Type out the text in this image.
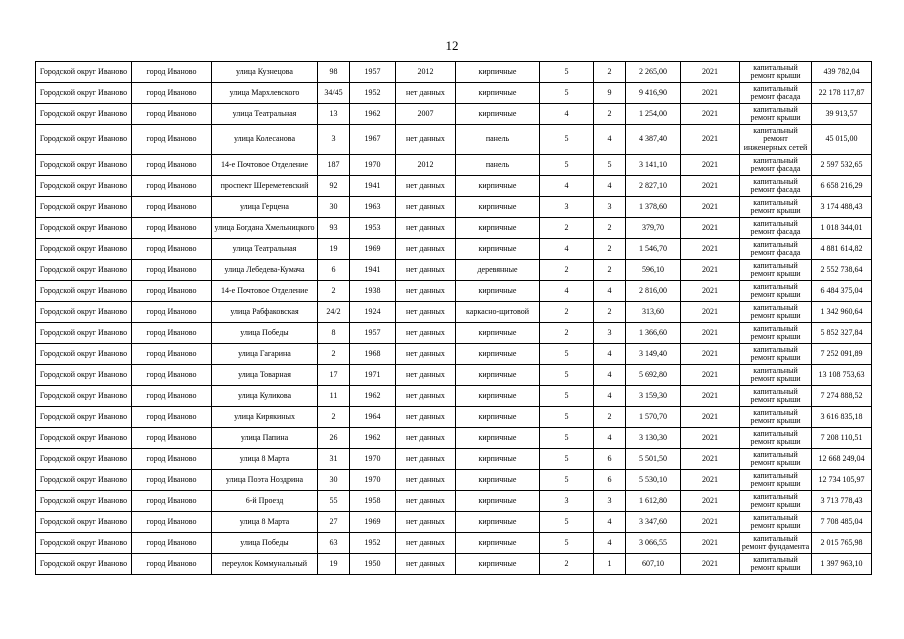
12
Городской округ Иваново	город Иваново	улица Кузнецова	98	1957	2012	кирпичные	5	2	2 265,00	2021	капитальный ремонт крыши	439 782,04
Городской округ Иваново	город Иваново	улица Мархлевского	34/45	1952	нет данных	кирпичные	5	9	9 416,90	2021	капитальный ремонт фасада	22 178 117,87
Городской округ Иваново	город Иваново	улица Театральная	13	1962	2007	кирпичные	4	2	1 254,00	2021	капитальный ремонт крыши	39 913,57
Городской округ Иваново	город Иваново	улица Колесанова	3	1967	нет данных	панель	5	4	4 387,40	2021	капитальный ремонт инженерных сетей	45 015,00
Городской округ Иваново	город Иваново	14-е Почтовое Отделение	187	1970	2012	панель	5	5	3 141,10	2021	капитальный ремонт фасада	2 597 532,65
Городской округ Иваново	город Иваново	проспект Шереметевский	92	1941	нет данных	кирпичные	4	4	2 827,10	2021	капитальный ремонт фасада	6 658 216,29
Городской округ Иваново	город Иваново	улица Герцена	30	1963	нет данных	кирпичные	3	3	1 378,60	2021	капитальный ремонт крыши	3 174 488,43
Городской округ Иваново	город Иваново	улица Богдана Хмельницкого	93	1953	нет данных	кирпичные	2	2	379,70	2021	капитальный ремонт фасада	1 018 344,01
Городской округ Иваново	город Иваново	улица Театральная	19	1969	нет данных	кирпичные	4	2	1 546,70	2021	капитальный ремонт фасада	4 881 614,82
Городской округ Иваново	город Иваново	улица Лебедева-Кумача	6	1941	нет данных	деревянные	2	2	596,10	2021	капитальный ремонт крыши	2 552 738,64
Городской округ Иваново	город Иваново	14-е Почтовое Отделение	2	1938	нет данных	кирпичные	4	4	2 816,00	2021	капитальный ремонт крыши	6 484 375,04
Городской округ Иваново	город Иваново	улица Рабфаковская	24/2	1924	нет данных	каркасно-щитовой	2	2	313,60	2021	капитальный ремонт крыши	1 342 960,64
Городской округ Иваново	город Иваново	улица Победы	8	1957	нет данных	кирпичные	2	3	1 366,60	2021	капитальный ремонт крыши	5 852 327,84
Городской округ Иваново	город Иваново	улица Гагарина	2	1968	нет данных	кирпичные	5	4	3 149,40	2021	капитальный ремонт крыши	7 252 091,89
Городской округ Иваново	город Иваново	улица Товарная	17	1971	нет данных	кирпичные	5	4	5 692,80	2021	капитальный ремонт крыши	13 108 753,63
Городской округ Иваново	город Иваново	улица Куликова	11	1962	нет данных	кирпичные	5	4	3 159,30	2021	капитальный ремонт крыши	7 274 888,52
Городской округ Иваново	город Иваново	улица Кирякиных	2	1964	нет данных	кирпичные	5	2	1 570,70	2021	капитальный ремонт крыши	3 616 835,18
Городской округ Иваново	город Иваново	улица Папина	26	1962	нет данных	кирпичные	5	4	3 130,30	2021	капитальный ремонт крыши	7 208 110,51
Городской округ Иваново	город Иваново	улица 8 Марта	31	1970	нет данных	кирпичные	5	6	5 501,50	2021	капитальный ремонт крыши	12 668 249,04
Городской округ Иваново	город Иваново	улица Поэта Ноздрина	30	1970	нет данных	кирпичные	5	6	5 530,10	2021	капитальный ремонт крыши	12 734 105,97
Городской округ Иваново	город Иваново	6-й Проезд	55	1958	нет данных	кирпичные	3	3	1 612,80	2021	капитальный ремонт крыши	3 713 778,43
Городской округ Иваново	город Иваново	улица 8 Марта	27	1969	нет данных	кирпичные	5	4	3 347,60	2021	капитальный ремонт крыши	7 708 485,04
Городской округ Иваново	город Иваново	улица Победы	63	1952	нет данных	кирпичные	5	4	3 066,55	2021	капитальный ремонт фундамента	2 015 765,98
Городской округ Иваново	город Иваново	переулок Коммунальный	19	1950	нет данных	кирпичные	2	1	607,10	2021	капитальный ремонт крыши	1 397 963,10
